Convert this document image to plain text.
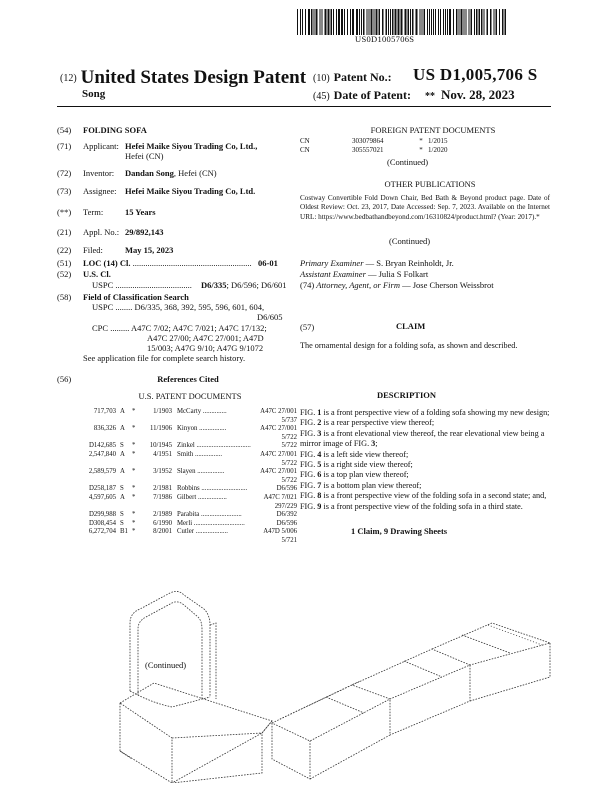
US0D1005706S
(12) United States Design Patent
Song
(10) Patent No.: US D1,005,706 S
(45) Date of Patent: ** Nov. 28, 2023
(54) FOLDING SOFA
(71) Applicant: Hefei Maike Siyou Trading Co, Ltd.,
Hefei (CN)
(72) Inventor: Dandan Song, Hefei (CN)
(73) Assignee: Hefei Maike Siyou Trading Co, Ltd.
(**) Term:	15 Years
(21) Appl. No.: 29/892,143
(22) Filed:	May 15, 2023
(51) LOC (14) Cl. ........................................................ 06-01
(52) U.S. Cl.
USPC .................................... D6/335; D6/596; D6/601
(58) Field of Classification Search
USPC ........ D6/335, 368, 392, 595, 596, 601, 604,
D6/605
CPC ......... A47C 7/02; A47C 7/021; A47C 17/132;
A47C 27/00; A47C 27/001; A47D
15/003; A47G 9/10; A47G 9/1072
See application file for complete search history.
(56)	References Cited
U.S. PATENT DOCUMENTS
717,703	A	*	1/1903	McCarty ..............	A47C 27/001
5/737					
836,326	A	*	11/1906	Kinyon ................	A47C 27/001
5/722					
D142,685	S	*	10/1945	Zinkel ................................	5/722
2,547,840	A	*	4/1951	Smith ................	A47C 27/001
5/722					
2,589,579	A	*	3/1952	Slayen ................	A47C 27/001
5/722					
D258,187	S	*	2/1981	Robbins ...........................	D6/596
4,597,605	A	*	7/1986	Gilbert .................	A47C 7/021
297/229					
D299,988	S	*	2/1989	Parabita ........................	D6/392
D308,454	S	*	6/1990	Merli ..............................	D6/596
6,272,704	B1	*	8/2001	Cutler ...................	A47D 5/006
5/721					
(Continued)
FOREIGN PATENT DOCUMENTS
CN	303079864	*	1/2015
CN	305557021	*	1/2020
(Continued)
OTHER PUBLICATIONS
Costway Convertible Fold Down Chair, Bed Bath & Beyond product page. Date of Oldest Review: Oct. 23, 2017, Date Accessed: Sep. 7, 2023. Available on the Internet URL: https://www.bedbathandbeyond.com/16310824/product.html? (Year: 2017).*
(Continued)
Primary Examiner — S. Bryan Reinholdt, Jr.
Assistant Examiner — Julia S Folkart
(74) Attorney, Agent, or Firm — Jose Cherson Weissbrot
(57)	CLAIM
The ornamental design for a folding sofa, as shown and described.
DESCRIPTION
FIG. 1 is a front perspective view of a folding sofa showing my new design;
FIG. 2 is a rear perspective view thereof;
FIG. 3 is a front elevational view thereof, the rear elevational view being a mirror image of FIG. 3;
FIG. 4 is a left side view thereof;
FIG. 5 is a right side view thereof;
FIG. 6 is a top plan view thereof;
FIG. 7 is a bottom plan view thereof;
FIG. 8 is a front perspective view of the folding sofa in a second state; and,
FIG. 9 is a front perspective view of the folding sofa in a third state.
1 Claim, 9 Drawing Sheets
